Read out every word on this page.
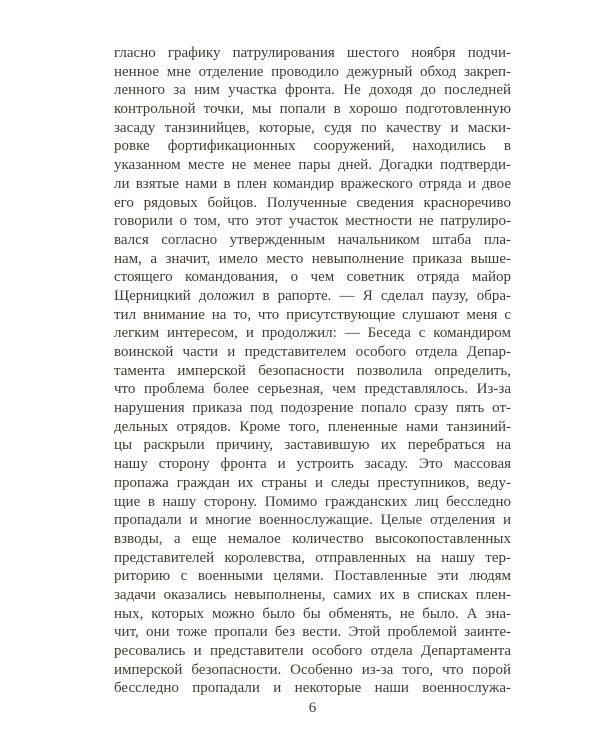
гласно графику патрулирования шестого ноября подчи-
ненное мне отделение проводило дежурный обход закреп-
ленного за ним участка фронта. Не доходя до последней
контрольной точки, мы попали в хорошо подготовленную
засаду танзинийцев, которые, судя по качеству и маски-
ровке фортификационных сооружений, находились в
указанном месте не менее пары дней. Догадки подтверди-
ли взятые нами в плен командир вражеского отряда и двое
его рядовых бойцов. Полученные сведения красноречиво
говорили о том, что этот участок местности не патрулиро-
вался согласно утвержденным начальником штаба пла-
нам, а значит, имело место невыполнение приказа выше-
стоящего командования, о чем советник отряда майор
Щерницкий доложил в рапорте. — Я сделал паузу, обра-
тил внимание на то, что присутствующие слушают меня с
легким интересом, и продолжил: — Беседа с командиром
воинской части и представителем особого отдела Депар-
тамента имперской безопасности позволила определить,
что проблема более серьезная, чем представлялось. Из-за
нарушения приказа под подозрение попало сразу пять от-
дельных отрядов. Кроме того, плененные нами танзиний-
цы раскрыли причину, заставившую их перебраться на
нашу сторону фронта и устроить засаду. Это массовая
пропажа граждан их страны и следы преступников, веду-
щие в нашу сторону. Помимо гражданских лиц бесследно
пропадали и многие военнослужащие. Целые отделения и
взводы, а еще немалое количество высокопоставленных
представителей королевства, отправленных на нашу тер-
риторию с военными целями. Поставленные эти людям
задачи оказались невыполнены, самих их в списках плен-
ных, которых можно было бы обменять, не было. А зна-
чит, они тоже пропали без вести. Этой проблемой заинте-
ресовались и представители особого отдела Департамента
имперской безопасности. Особенно из-за того, что порой
бесследно пропадали и некоторые наши военнослужа-
6
